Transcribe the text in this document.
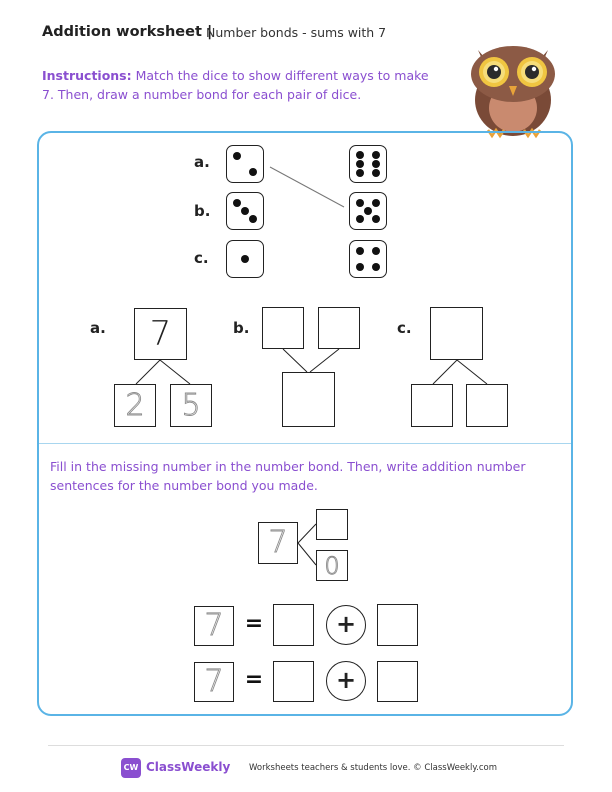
Addition worksheet |
Number bonds - sums with 7
Instructions: Match the dice to show different ways to make 7. Then, draw a number bond for each pair of dice.
a.
b.
c.
a.	7
2	5
b.	c.
Fill in the missing number in the number bond. Then, write addition number sentences for the number bond you made.
7
0
7 =	+
7 =	+
CW ClassWeekly Worksheets teachers & students love. © ClassWeekly.com
